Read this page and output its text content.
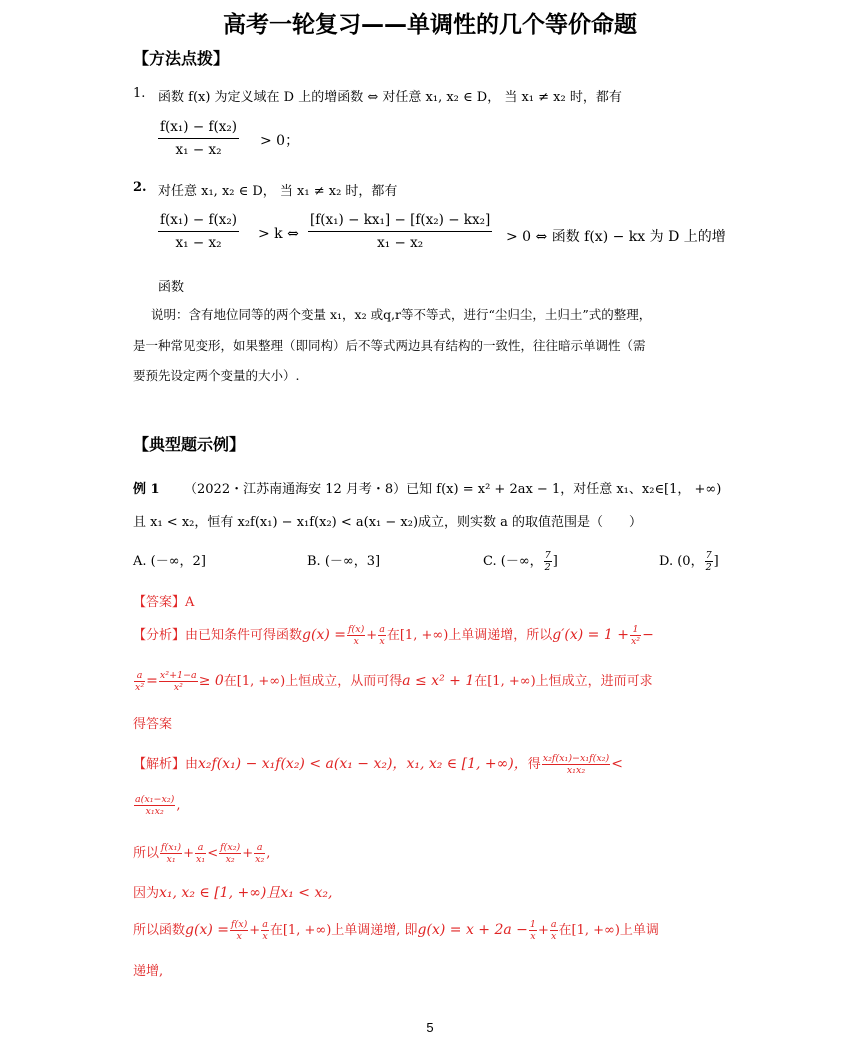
高考一轮复习——单调性的几个等价命题
【方法点拨】
1. 函数 f(x) 为定义域在 D 上的增函数 ⇔ 对任意 x₁, x₂ ∈ D， 当 x₁ ≠ x₂ 时，都有
f(x₁) − f(x₂)
x₁ − x₂
> 0；
2. 对任意 x₁, x₂ ∈ D， 当 x₁ ≠ x₂ 时，都有
f(x₁) − f(x₂)
x₁ − x₂
> k ⇔
[f(x₁) − kx₁] − [f(x₂) − kx₂]
x₁ − x₂	> 0 ⇔ 函数 f(x) − kx 为 D 上的增
函数
说明：含有地位同等的两个变量 x₁，x₂ 或q,r等不等式，进行“尘归尘，土归土”式的整理，
是一种常见变形，如果整理（即同构）后不等式两边具有结构的一致性，往往暗示单调性（需
要预先设定两个变量的大小）.
【典型题示例】
例 1 （2022・江苏南通海安 12 月考・8）已知 f(x) = x² + 2ax − 1，对任意 x₁、x₂∈[1， +∞)
且 x₁ < x₂，恒有 x₂f(x₁) − x₁f(x₂) < a(x₁ − x₂)成立，则实数 a 的取值范围是（　　）
A. (－∞，2]	B. (－∞，3]	C. (－∞， $\frac{7}{2}$ ]	D. (0， $\frac{7}{2}$ ]
【答案】A
【分析】由已知条件可得函数$g(x) = \frac{f(x)}{x} + \frac{a}{x}$ 在[1, +∞)上单调递增，所以$g'(x) = 1 + \frac{1}{\text{x²}}$ −
$\frac{a}{\text{x²}} = \frac{\text{x²+1−a}}{\text{x²}} \ge 0$在[1, +∞)上恒成立，从而可得a ≤ x² + 1在[1, +∞)上恒成立，进而可求
得答案
【解析】由x₂f(x₁) − x₁f(x₂) < a(x₁ − x₂)，x₁, x₂ ∈ [1, +∞)，得 $\frac{\text{x₂f(x₁)−x₁f(x₂)}}{\text{x₁x₂}}$ <
$\frac{\text{a(x₁−x₂)}}{\text{x₁x₂}}$ ,
所以 $\frac{\text{f(x₁)}}{\text{x₁}} + \frac{a}{\text{x₁}} < \frac{\text{f(x₂)}}{\text{x₂}} + \frac{a}{\text{x₂}}$ ,
因为x₁, x₂ ∈ [1, +∞)且x₁ < x₂,
所以函数$g(x) = \frac{f(x)}{x} + \frac{a}{x}$ 在[1, +∞)上单调递增, 即$g(x) = x + 2a - \frac{1}{x} + \frac{a}{x}$ 在[1, +∞)上单调
递增,
5
